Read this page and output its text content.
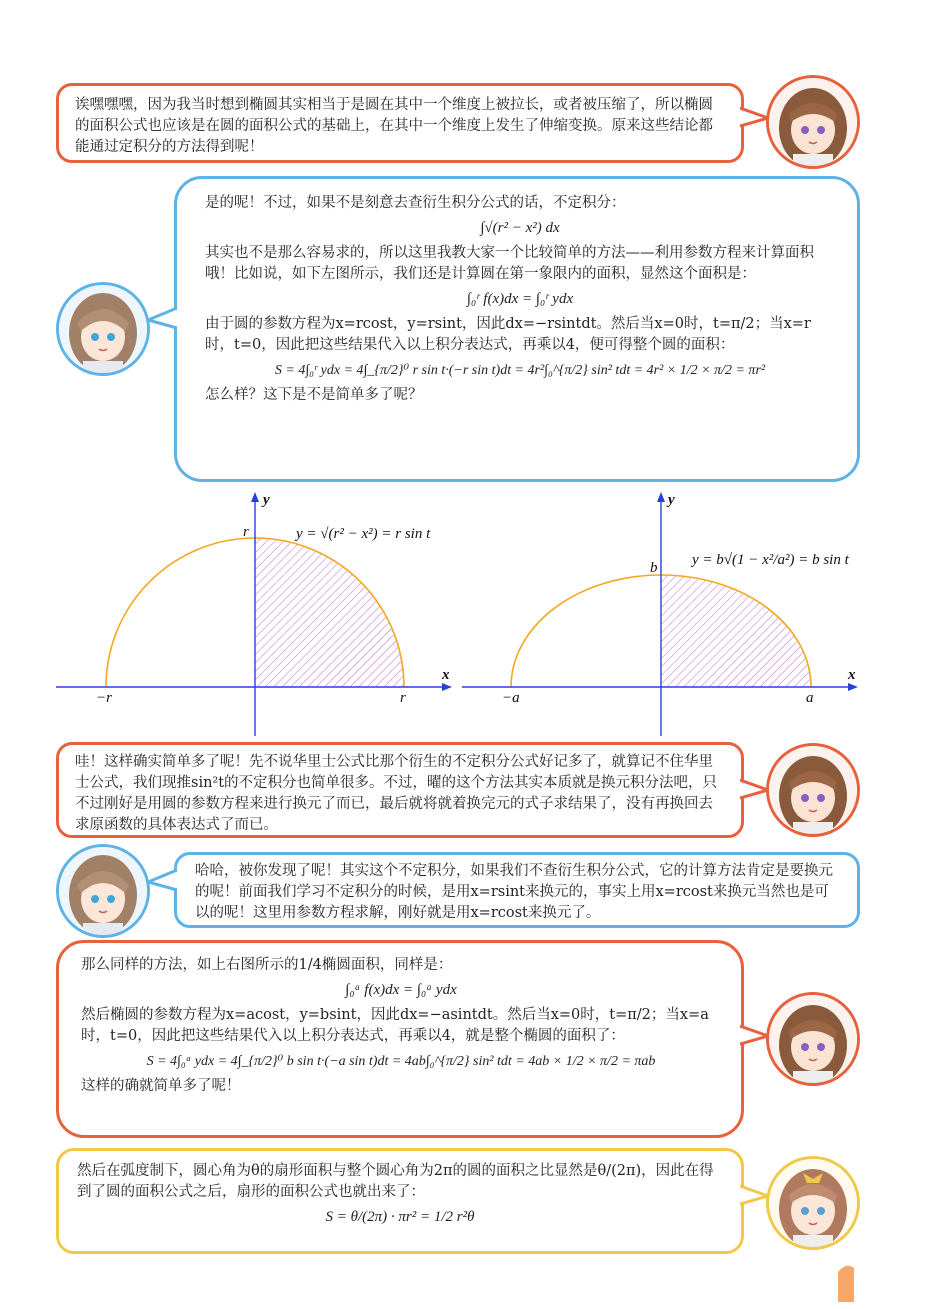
诶嘿嘿嘿，因为我当时想到椭圆其实相当于是圆在其中一个维度上被拉长，或者被压缩了，所以椭圆的面积公式也应该是在圆的面积公式的基础上，在其中一个维度上发生了伸缩变换。原来这些结论都能通过定积分的方法得到呢！

是的呢！不过，如果不是刻意去查衍生积分公式的话，不定积分：

∫√(r² − x²) dx

其实也不是那么容易求的，所以这里我教大家一个比较简单的方法——利用参数方程来计算面积哦！比如说，如下左图所示，我们还是计算圆在第一象限内的面积，显然这个面积是：

∫₀ʳ f(x)dx = ∫₀ʳ ydx

由于圆的参数方程为x=rcost，y=rsint，因此dx=−rsintdt。然后当x=0时，t=π/2；当x=r时，t=0，因此把这些结果代入以上积分表达式，再乘以4，便可得整个圆的面积：

S = 4∫₀ʳ ydx = 4∫_{π/2}⁰ r sin t·(−r sin t)dt = 4r²∫₀^{π/2} sin² tdt = 4r² × 1/2 × π/2 = πr²

怎么样？这下是不是简单多了呢？

x
y
−r	r
r	y = √(r² − x²) = r sin t
x
y
−a	a
b y = b√(1 − x²/a²) = b sin t

哇！这样确实简单多了呢！先不说华里士公式比那个衍生的不定积分公式好记多了，就算记不住华里士公式，我们现推sin²t的不定积分也简单很多。不过，曜的这个方法其实本质就是换元积分法吧，只不过刚好是用圆的参数方程来进行换元了而已，最后就将就着换完元的式子求结果了，没有再换回去求原函数的具体表达式了而已。

哈哈，被你发现了呢！其实这个不定积分，如果我们不查衍生积分公式，它的计算方法肯定是要换元的呢！前面我们学习不定积分的时候，是用x=rsint来换元的，事实上用x=rcost来换元当然也是可以的呢！这里用参数方程求解，刚好就是用x=rcost来换元了。

那么同样的方法，如上右图所示的1/4椭圆面积，同样是：

∫₀ᵃ f(x)dx = ∫₀ᵃ ydx

然后椭圆的参数方程为x=acost，y=bsint，因此dx=−asintdt。然后当x=0时，t=π/2；当x=a时，t=0，因此把这些结果代入以上积分表达式，再乘以4，就是整个椭圆的面积了：

S = 4∫₀ᵃ ydx = 4∫_{π/2}⁰ b sin t·(−a sin t)dt = 4ab∫₀^{π/2} sin² tdt = 4ab × 1/2 × π/2 = πab

这样的确就简单多了呢！

然后在弧度制下，圆心角为θ的扇形面积与整个圆心角为2π的圆的面积之比显然是θ/(2π)，因此在得到了圆的面积公式之后，扇形的面积公式也就出来了：

S = θ/(2π) · πr² = 1/2 r²θ
